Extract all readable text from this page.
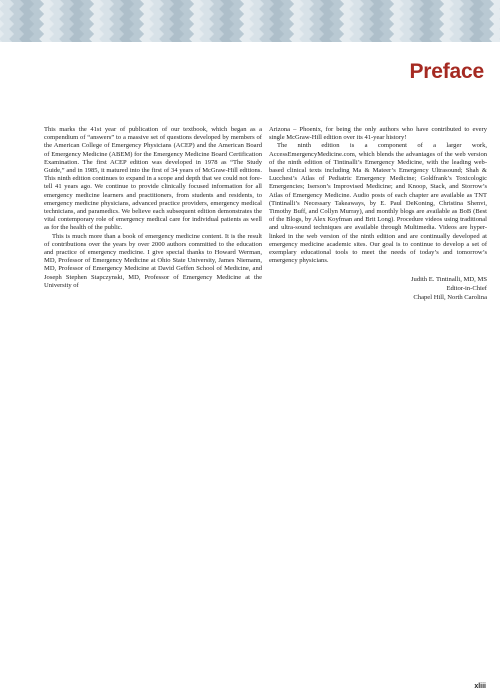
Preface

This marks the 41st year of publication of our textbook, which began as a compendium of “answers” to a massive set of questions developed by members of the American College of Emergency Physicians (ACEP) and the American Board of Emergency Medicine (ABEM) for the Emergency Medicine Board Certification Examination. The first ACEP edition was developed in 1978 as “The Study Guide,” and in 1985, it matured into the first of 34 years of McGraw-Hill editions. This ninth edition continues to expand in a scope and depth that we could not fore-tell 41 years ago. We continue to provide clinically focused information for all emergency medicine learners and practitioners, from students and residents, to emergency medicine physicians, advanced practice providers, emergency medical technicians, and paramedics. We believe each subsequent edition demonstrates the vital contemporary role of emergency medical care for individual patients as well as for the health of the public.

This is much more than a book of emergency medicine content. It is the result of contributions over the years by over 2000 authors committed to the education and practice of emergency medicine. I give special thanks to Howard Werman, MD, Professor of Emergency Medicine at Ohio State University, James Niemann, MD, Professor of Emergency Medicine at David Geffen School of Medicine, and Joseph Stephen Stapczynski, MD, Professor of Emergency Medicine at the University of

Arizona – Phoenix, for being the only authors who have contributed to every single McGraw-Hill edition over its 41-year history!

The ninth edition is a component of a larger work, AccessEmergencyMedicine.com, which blends the advantages of the web version of the ninth edition of Tintinalli’s Emergency Medicine, with the leading web-based clinical texts including Ma & Mateer’s Emergency Ultrasound; Shah & Lucchesi’s Atlas of Pediatric Emergency Medicine; Goldfrank’s Toxicologic Emergencies; Iserson’s Improvised Medicine; and Knoop, Stack, and Storrow’s Atlas of Emergency Medicine. Audio posts of each chapter are available as TNT (Tintinalli’s Necessary Takeaways, by E. Paul DeKoning, Christina Shenvi, Timothy Buff, and Collyn Murray), and monthly blogs are available as BoB (Best of the Blogs, by Alex Koyfman and Brit Long). Procedure videos using traditional and ultra-sound techniques are available through Multimedia. Videos are hyper-linked in the web version of the ninth edition and are continually developed at emergency medicine academic sites. Our goal is to continue to develop a set of exemplary educational tools to meet the needs of today’s and tomorrow’s emergency physicians.

Judith E. Tintinalli, MD, MS
Editor-in-Chief
Chapel Hill, North Carolina
xliii
